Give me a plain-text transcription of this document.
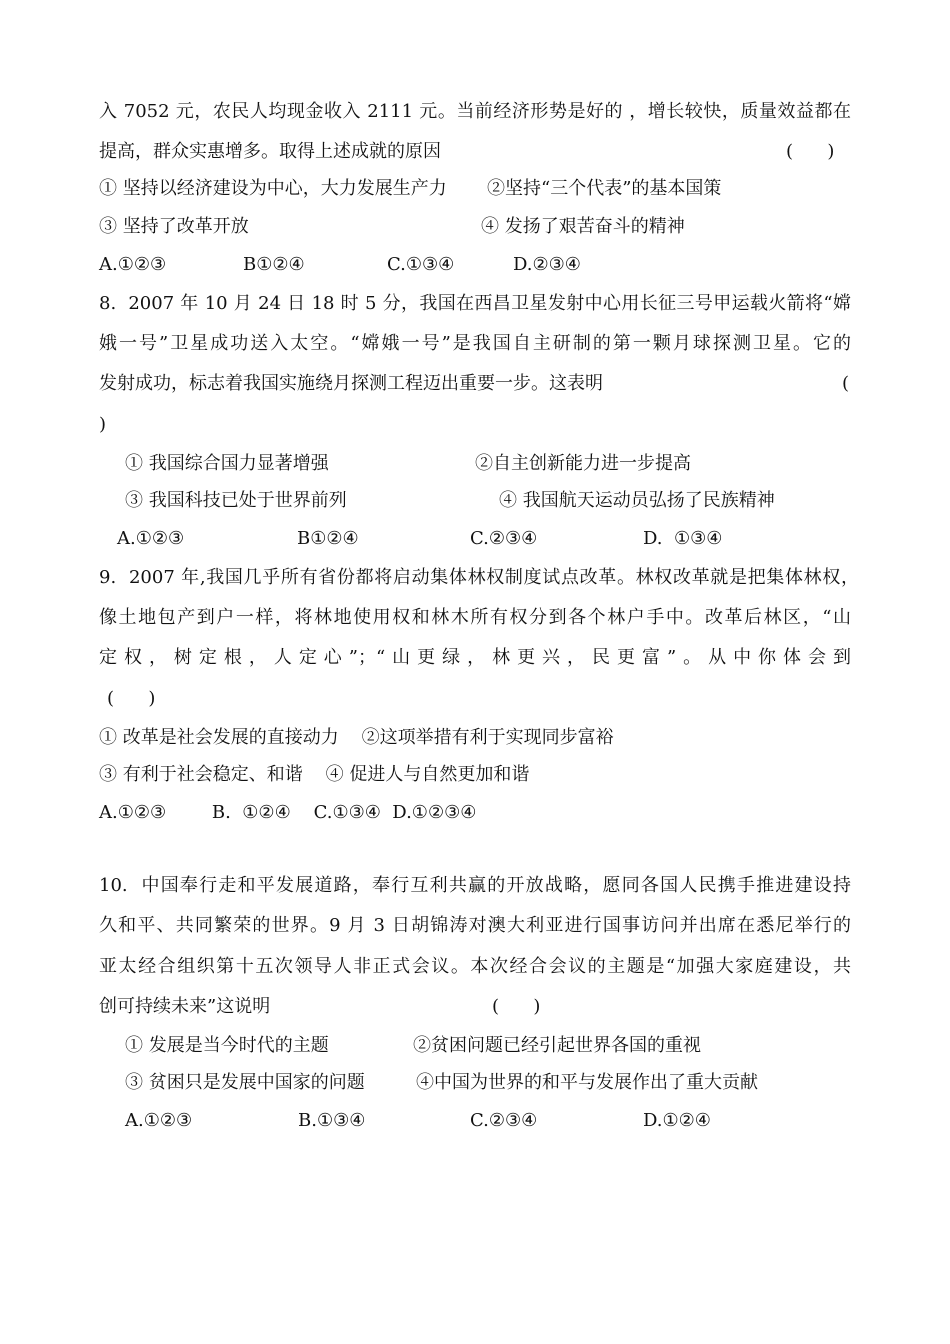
入 7052 元，农民人均现金收入 2111 元。当前经济形势是好的 ，增长较快，质量效益都在
提高，群众实惠增多。取得上述成就的原因	(      )
① 坚持以经济建设为中心，大力发展生产力 ②坚持“三个代表”的基本国策
③ 坚持了改革开放	④ 发扬了艰苦奋斗的精神
A.①②③	B①②④	C.①③④	D.②③④
8.  2007 年 10 月 24 日 18 时 5 分，我国在西昌卫星发射中心用长征三号甲运载火箭将“嫦
娥一号”卫星成功送入太空。“嫦娥一号”是我国自主研制的第一颗月球探测卫星。它的
发射成功，标志着我国实施绕月探测工程迈出重要一步。这表明	(
)
① 我国综合国力显著增强	②自主创新能力进一步提高
③ 我国科技已处于世界前列	④ 我国航天运动员弘扬了民族精神
A.①②③	B①②④	C.②③④	D.  ①③④
9.  2007 年,我国几乎所有省份都将启动集体林权制度试点改革。林权改革就是把集体林权，
像土地包产到户一样，将林地使用权和林木所有权分到各个林户手中。改革后林区，“山
定权，树定根，人定心”；“山更绿，林更兴，民更富”。从中你体会到
(      )
① 改革是社会发展的直接动力    ②这项举措有利于实现同步富裕
③ 有利于社会稳定、和谐    ④ 促进人与自然更加和谐
A.①②③        B.  ①②④    C.①③④  D.①②③④
10.  中国奉行走和平发展道路，奉行互利共赢的开放战略，愿同各国人民携手推进建设持
久和平、共同繁荣的世界。9 月 3 日胡锦涛对澳大利亚进行国事访问并出席在悉尼举行的
亚太经合组织第十五次领导人非正式会议。本次经合会议的主题是“加强大家庭建设，共
创可持续未来”这说明	(      )
① 发展是当今时代的主题	②贫困问题已经引起世界各国的重视
③ 贫困只是发展中国家的问题	④中国为世界的和平与发展作出了重大贡献
A.①②③	B.①③④	C.②③④	D.①②④
